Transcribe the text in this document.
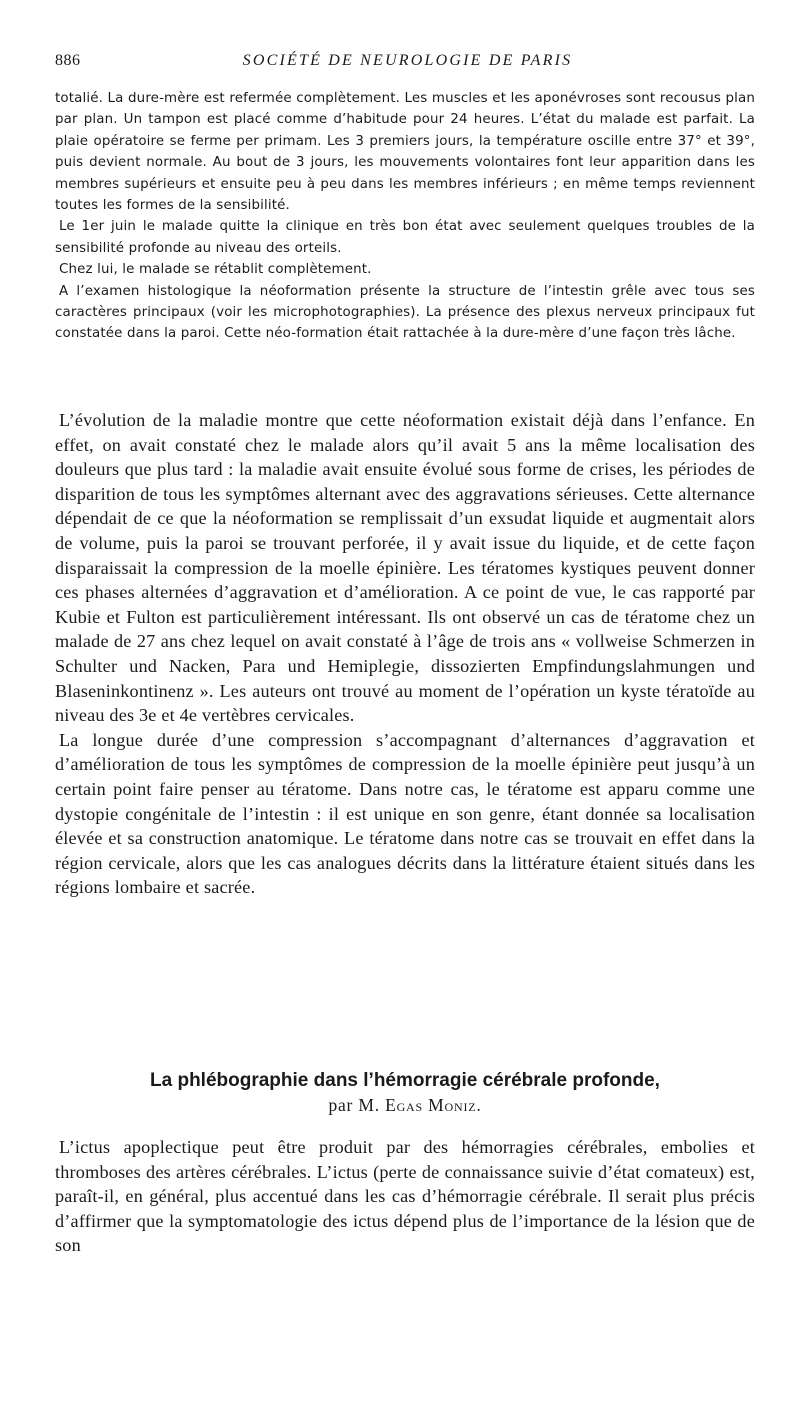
886	SOCIÉTÉ DE NEUROLOGIE DE PARIS

totalié. La dure-mère est refermée complètement. Les muscles et les aponévroses sont recousus plan par plan. Un tampon est placé comme d’habitude pour 24 heures. L’état du malade est parfait. La plaie opératoire se ferme per primam. Les 3 premiers jours, la température oscille entre 37° et 39°, puis devient normale. Au bout de 3 jours, les mouvements volontaires font leur apparition dans les membres supérieurs et ensuite peu à peu dans les membres inférieurs ; en même temps reviennent toutes les formes de la sensibilité.

Le 1er juin le malade quitte la clinique en très bon état avec seulement quelques troubles de la sensibilité profonde au niveau des orteils.

Chez lui, le malade se rétablit complètement.

A l’examen histologique la néoformation présente la structure de l’intestin grêle avec tous ses caractères principaux (voir les microphotographies). La présence des plexus nerveux principaux fut constatée dans la paroi. Cette néo-formation était rattachée à la dure-mère d’une façon très lâche.

L’évolution de la maladie montre que cette néoformation existait déjà dans l’enfance. En effet, on avait constaté chez le malade alors qu’il avait 5 ans la même localisation des douleurs que plus tard : la maladie avait ensuite évolué sous forme de crises, les périodes de disparition de tous les symptômes alternant avec des aggravations sérieuses. Cette alternance dépendait de ce que la néoformation se remplissait d’un exsudat liquide et augmentait alors de volume, puis la paroi se trouvant perforée, il y avait issue du liquide, et de cette façon disparaissait la compression de la moelle épinière. Les tératomes kystiques peuvent donner ces phases alternées d’aggravation et d’amélioration. A ce point de vue, le cas rapporté par Kubie et Fulton est particulièrement intéressant. Ils ont observé un cas de tératome chez un malade de 27 ans chez lequel on avait constaté à l’âge de trois ans « vollweise Schmerzen in Schulter und Nacken, Para und Hemiplegie, dissozierten Empfindungslahmungen und Blaseninkontinenz ». Les auteurs ont trouvé au moment de l’opération un kyste tératoïde au niveau des 3e et 4e vertèbres cervicales.

La longue durée d’une compression s’accompagnant d’alternances d’aggravation et d’amélioration de tous les symptômes de compression de la moelle épinière peut jusqu’à un certain point faire penser au tératome. Dans notre cas, le tératome est apparu comme une dystopie congénitale de l’intestin : il est unique en son genre, étant donnée sa localisation élevée et sa construction anatomique. Le tératome dans notre cas se trouvait en effet dans la région cervicale, alors que les cas analogues décrits dans la littérature étaient situés dans les régions lombaire et sacrée.

La phlébographie dans l’hémorragie cérébrale profonde,
par M. Egas Moniz.

L’ictus apoplectique peut être produit par des hémorragies cérébrales, embolies et thromboses des artères cérébrales. L’ictus (perte de connaissance suivie d’état comateux) est, paraît-il, en général, plus accentué dans les cas d’hémorragie cérébrale. Il serait plus précis d’affirmer que la symptomatologie des ictus dépend plus de l’importance de la lésion que de son
